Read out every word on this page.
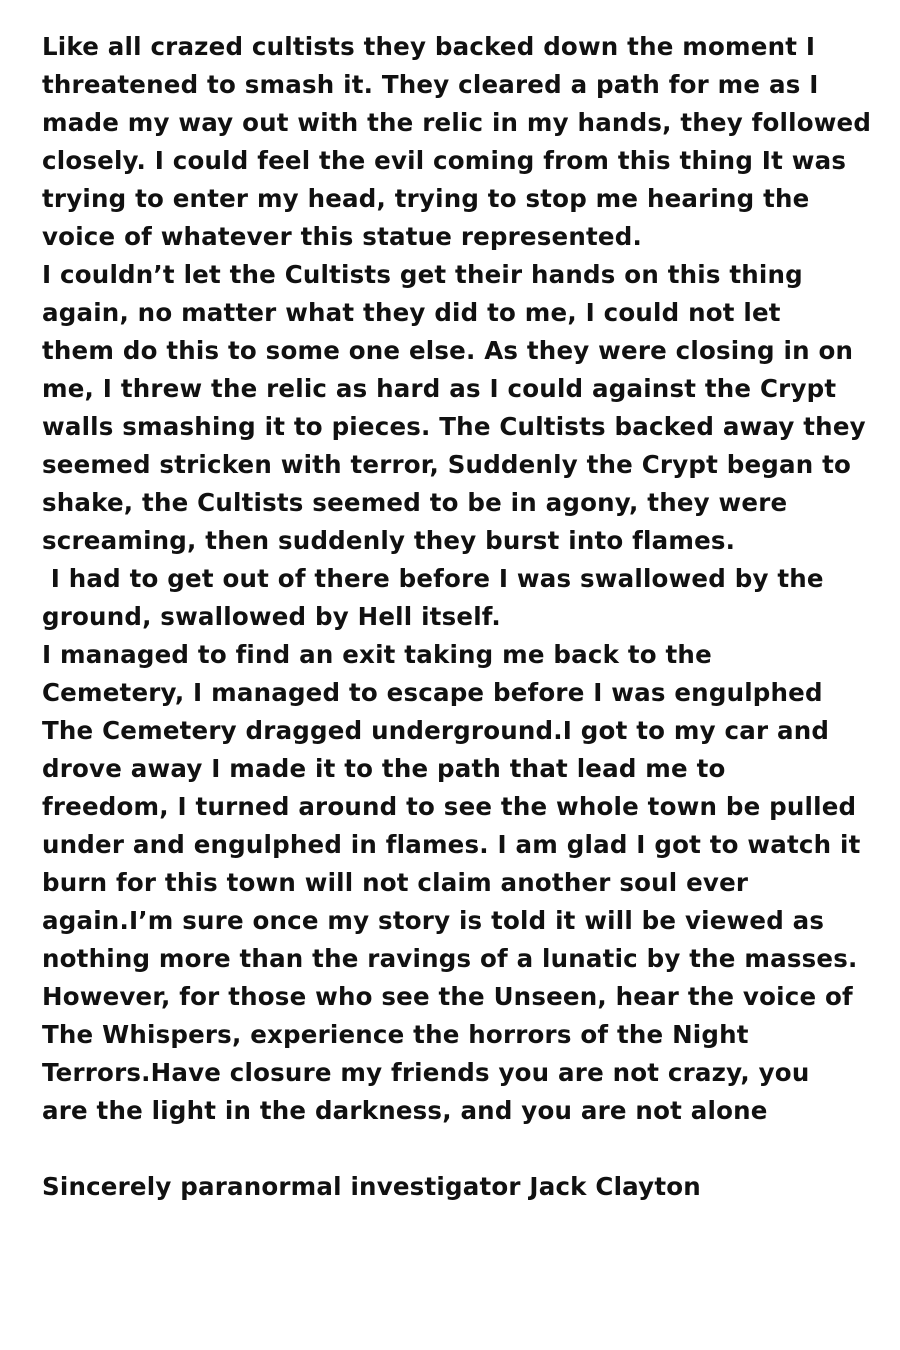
Like all crazed cultists they backed down the moment I
threatened to smash it. They cleared a path for me as I
made my way out with the relic in my hands, they followed
closely. I could feel the evil coming from this thing It was
trying to enter my head, trying to stop me hearing the
voice of whatever this statue represented.
I couldn’t let the Cultists get their hands on this thing
again, no matter what they did to me, I could not let
them do this to some one else. As they were closing in on
me, I threw the relic as hard as I could against the Crypt
walls smashing it to pieces. The Cultists backed away they
seemed stricken with terror, Suddenly the Crypt began to
shake, the Cultists seemed to be in agony, they were
screaming, then suddenly they burst into flames.
I had to get out of there before I was swallowed by the
ground, swallowed by Hell itself.
I managed to find an exit taking me back to the
Cemetery, I managed to escape before I was engulphed
The Cemetery dragged underground.I got to my car and
drove away I made it to the path that lead me to
freedom, I turned around to see the whole town be pulled
under and engulphed in flames. I am glad I got to watch it
burn for this town will not claim another soul ever
again.I’m sure once my story is told it will be viewed as
nothing more than the ravings of a lunatic by the masses.
However, for those who see the Unseen, hear the voice of
The Whispers, experience the horrors of the Night
Terrors.Have closure my friends you are not crazy, you
are the light in the darkness, and you are not alone
Sincerely paranormal investigator Jack Clayton
